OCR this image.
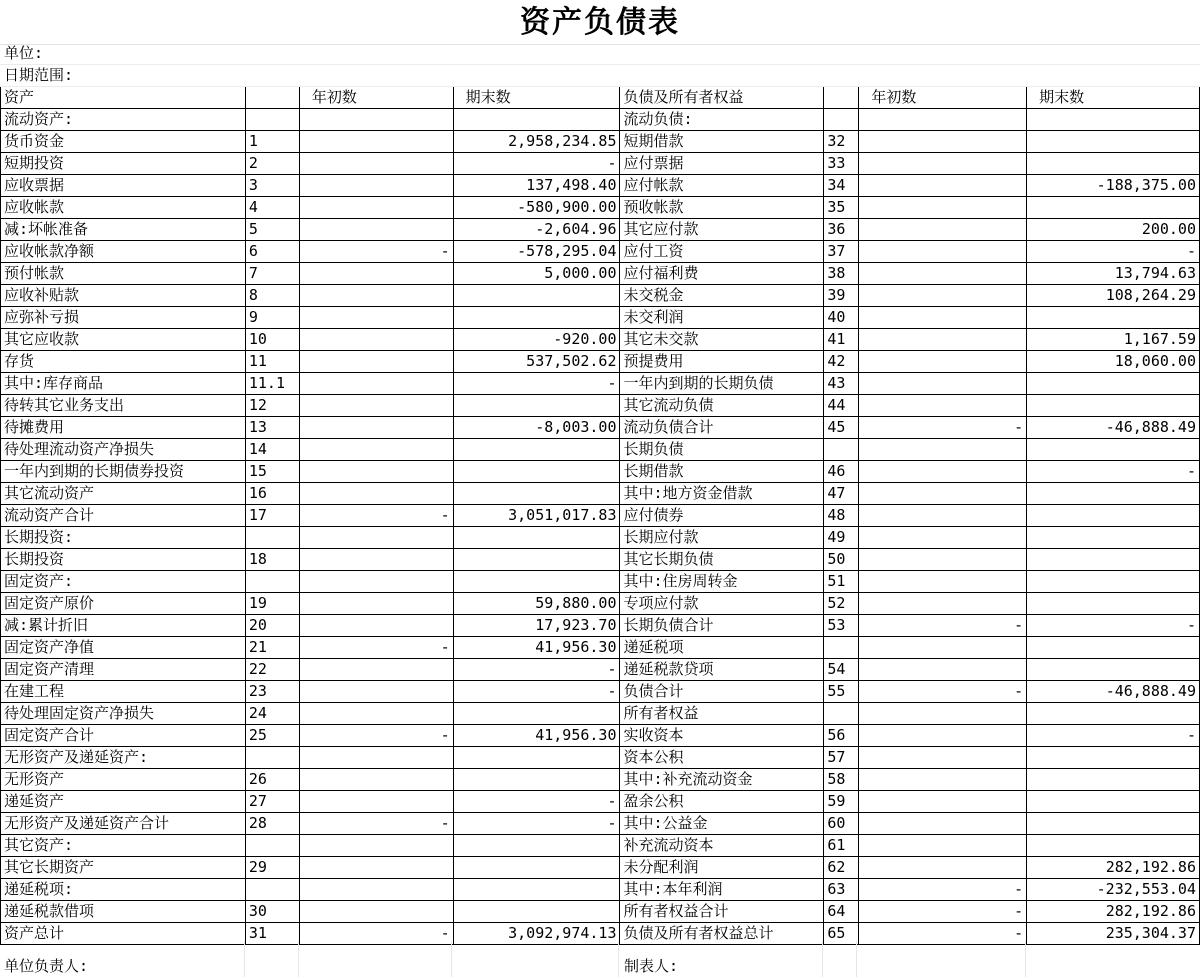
资产负债表
单位:
日期范围:
资产		年初数	期末数	负债及所有者权益		年初数	期末数
流动资产:				流动负债:			
货币资金	1		2,958,234.85	短期借款	32		
短期投资	2		-	应付票据	33		
应收票据	3		137,498.40	应付帐款	34		-188,375.00
应收帐款	4		-580,900.00	预收帐款	35		
减:坏帐准备	5		-2,604.96	其它应付款	36		200.00
应收帐款净额	6	-	-578,295.04	应付工资	37		-
预付帐款	7		5,000.00	应付福利费	38		13,794.63
应收补贴款	8			未交税金	39		108,264.29
应弥补亏损	9			未交利润	40		
其它应收款	10		-920.00	其它未交款	41		1,167.59
存货	11		537,502.62	预提费用	42		18,060.00
其中:库存商品	11.1		-	一年内到期的长期负债	43		
待转其它业务支出	12			其它流动负债	44		
待摊费用	13		-8,003.00	流动负债合计	45	-	-46,888.49
待处理流动资产净损失	14			长期负债			
一年内到期的长期债券投资	15			长期借款	46		-
其它流动资产	16			其中:地方资金借款	47		
流动资产合计	17	-	3,051,017.83	应付债券	48		
长期投资:				长期应付款	49		
长期投资	18			其它长期负债	50		
固定资产:				其中:住房周转金	51		
固定资产原价	19		59,880.00	专项应付款	52		
减:累计折旧	20		17,923.70	长期负债合计	53	-	-
固定资产净值	21	-	41,956.30	递延税项			
固定资产清理	22		-	递延税款贷项	54		
在建工程	23		-	负债合计	55	-	-46,888.49
待处理固定资产净损失	24			所有者权益			
固定资产合计	25	-	41,956.30	实收资本	56		-
无形资产及递延资产:				资本公积	57		
无形资产	26			其中:补充流动资金	58		
递延资产	27		-	盈余公积	59		
无形资产及递延资产合计	28	-	-	其中:公益金	60		
其它资产:				补充流动资本	61		
其它长期资产	29			未分配利润	62		282,192.86
递延税项:				其中:本年利润	63	-	-232,553.04
递延税款借项	30			所有者权益合计	64	-	282,192.86
资产总计	31	-	3,092,974.13	负债及所有者权益总计	65	-	235,304.37
单位负责人:	制表人:
